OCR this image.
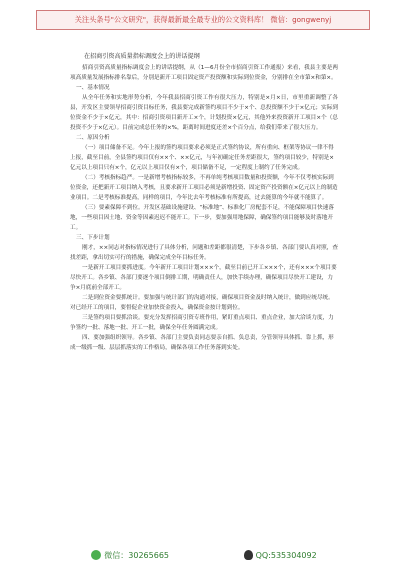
关注头条号"公文研究"，获得最新最全最专业的公文资料库！ 微信：gongwenyj
在招商引资高质量指标调度会上的讲话提纲

招商引资高质量指标调度会上的讲话提纲，从（1—6月份全市招商引资工作通报）来看，我县主要是两项高质量发展指标排名靠后，分别是新开工项目固定资产投资额和实际到位资金，分别排在全市第×和第×。

一、基本情况

从全年任务和实地形势分析，今年我县招商引资工作有很大压力，特别是×月×日，市里重新调整了各县，开发区主要领导招商引资目标任务，我县要完成新签约项目不少于×个、总投资额不少于×亿元；实际到位资金不少于×亿元，其中：招商引资项目新开工×个，计划投资×亿元，其他外来投资新开工项目×个（总投资不少于×亿元）。目前完成总任务的×%，距离时间进度还差×个百分点，给我们带来了很大压力。

二、原因分析

（一）项目储备不足。今年上报的签约项目要求必须是正式签约协议，所有重向、框架等协议一律不得上报，截至目前，全县签约项目仅有××个、××亿元，与年初确定任务差距很大，签约项目较少，特别是×亿元以上项目只有×个，亿元以上项目仅有×个，项目储备不足，一定程度上制约了任务完成。

（二）考核指标趋严。一是新增考核指标较多，不再单纯考核项目数量和投资额，今年不仅考核实际到位资金，还把新开工项目纳入考核，且要求新开工项目必须是新增投资、固定资产投资额在×亿元以上的制造业项目。二是考核标准提高，同样的项目，今年比去年考核标准有所提高，过去能算的今年就不能算了。

（三）要素保障不到位。开发区基础设施建设、“标准地”、标准化厂房配套不足，不能保障项目快速落地，一些项目因土地、资金等因素迟迟不能开工。下一步，要加强用地保障，确保签约项目能够及时落地开工。

三、下步计划

刚才，××同志对指标情况进行了具体分析，问题和差距都很清楚，下步各乡镇、各部门要认真对照，查找差距，拿出切实可行的措施，确保完成全年目标任务。

一是新开工项目要抓进度。今年新开工项目计划×××个，截至目前已开工×××个，还有×××个项目要尽快开工。各乡镇、各部门要逐个项目倒排工期，明确责任人，加快手续办理，确保项目尽快开工建设，力争×月底前全部开工。

二是到位资金要抓统计。要加强与统计部门的沟通对接，确保项目资金及时纳入统计，做到应统尽统。对已经开工的项目，要督促企业加快资金投入，确保资金按计划到位。

三是签约项目要抓洽谈。要充分发挥招商引资专班作用，紧盯重点项目、重点企业，加大洽谈力度，力争签约一批、落地一批、开工一批，确保全年任务圆满完成。

四、要加强组织领导。各乡镇、各部门主要负责同志要亲自抓、负总责，分管领导具体抓、靠上抓，形成一级抓一级、层层抓落实的工作格局，确保各项工作任务落到实处。

微信：30265665	QQ:535304092
